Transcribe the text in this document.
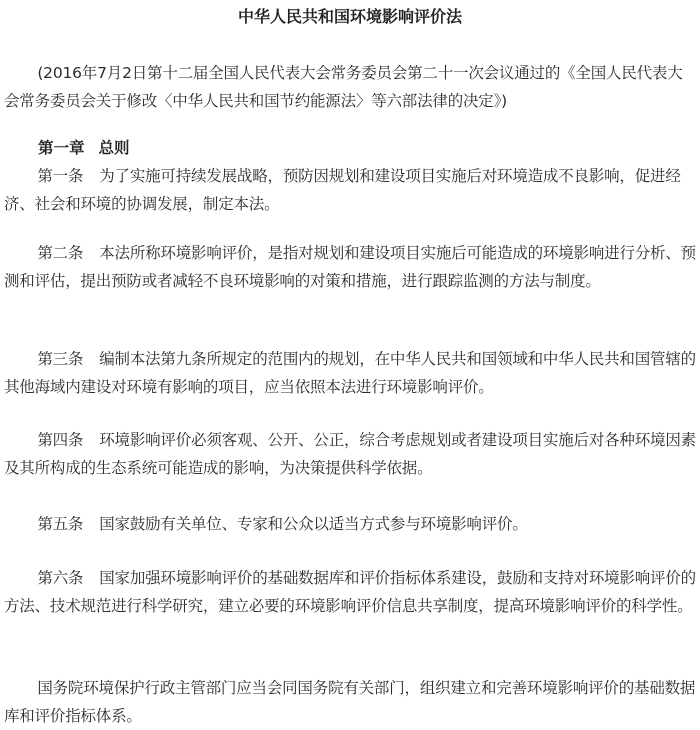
中华人民共和国环境影响评价法
(2016年7月2日第十二届全国人民代表大会常务委员会第二十一次会议通过的《全国人民代表大会常务委员会关于修改〈中华人民共和国节约能源法〉等六部法律的决定》)
第一章 总则
第一条 为了实施可持续发展战略，预防因规划和建设项目实施后对环境造成不良影响，促进经济、社会和环境的协调发展，制定本法。
第二条 本法所称环境影响评价，是指对规划和建设项目实施后可能造成的环境影响进行分析、预测和评估，提出预防或者减轻不良环境影响的对策和措施，进行跟踪监测的方法与制度。
第三条 编制本法第九条所规定的范围内的规划，在中华人民共和国领域和中华人民共和国管辖的其他海域内建设对环境有影响的项目，应当依照本法进行环境影响评价。
第四条 环境影响评价必须客观、公开、公正，综合考虑规划或者建设项目实施后对各种环境因素及其所构成的生态系统可能造成的影响，为决策提供科学依据。
第五条 国家鼓励有关单位、专家和公众以适当方式参与环境影响评价。
第六条 国家加强环境影响评价的基础数据库和评价指标体系建设，鼓励和支持对环境影响评价的方法、技术规范进行科学研究，建立必要的环境影响评价信息共享制度，提高环境影响评价的科学性。
国务院环境保护行政主管部门应当会同国务院有关部门，组织建立和完善环境影响评价的基础数据库和评价指标体系。
